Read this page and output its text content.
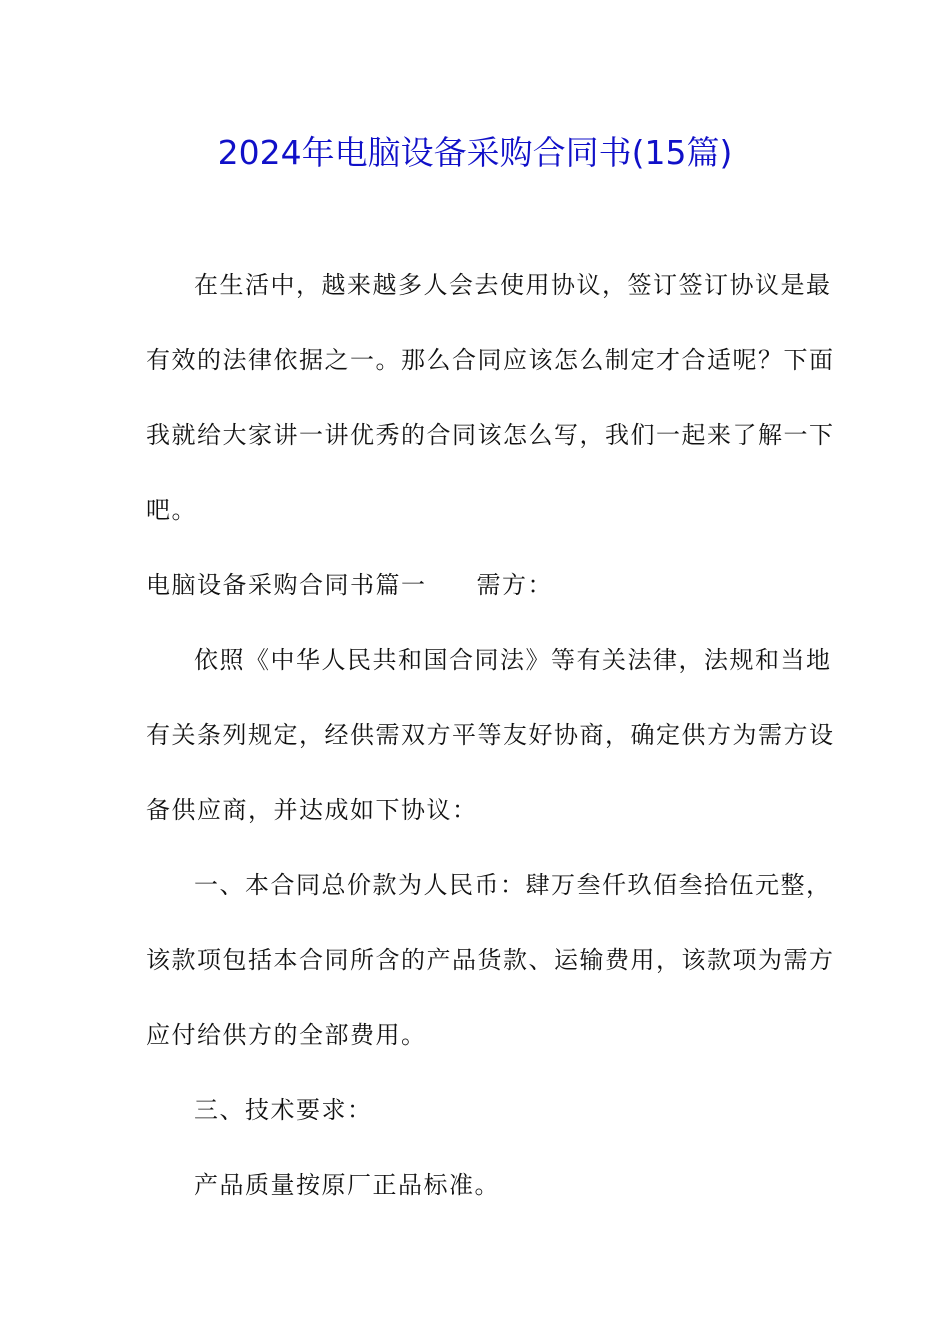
2024年电脑设备采购合同书(15篇)
在生活中，越来越多人会去使用协议，签订签订协议是最
有效的法律依据之一。那么合同应该怎么制定才合适呢？下面
我就给大家讲一讲优秀的合同该怎么写，我们一起来了解一下
吧。
电脑设备采购合同书篇一 需方：
依照《中华人民共和国合同法》等有关法律，法规和当地
有关条列规定，经供需双方平等友好协商，确定供方为需方设
备供应商，并达成如下协议：
一、本合同总价款为人民币：肆万叁仟玖佰叁拾伍元整，
该款项包括本合同所含的产品货款、运输费用，该款项为需方
应付给供方的全部费用。
三、技术要求：
产品质量按原厂正品标准。
